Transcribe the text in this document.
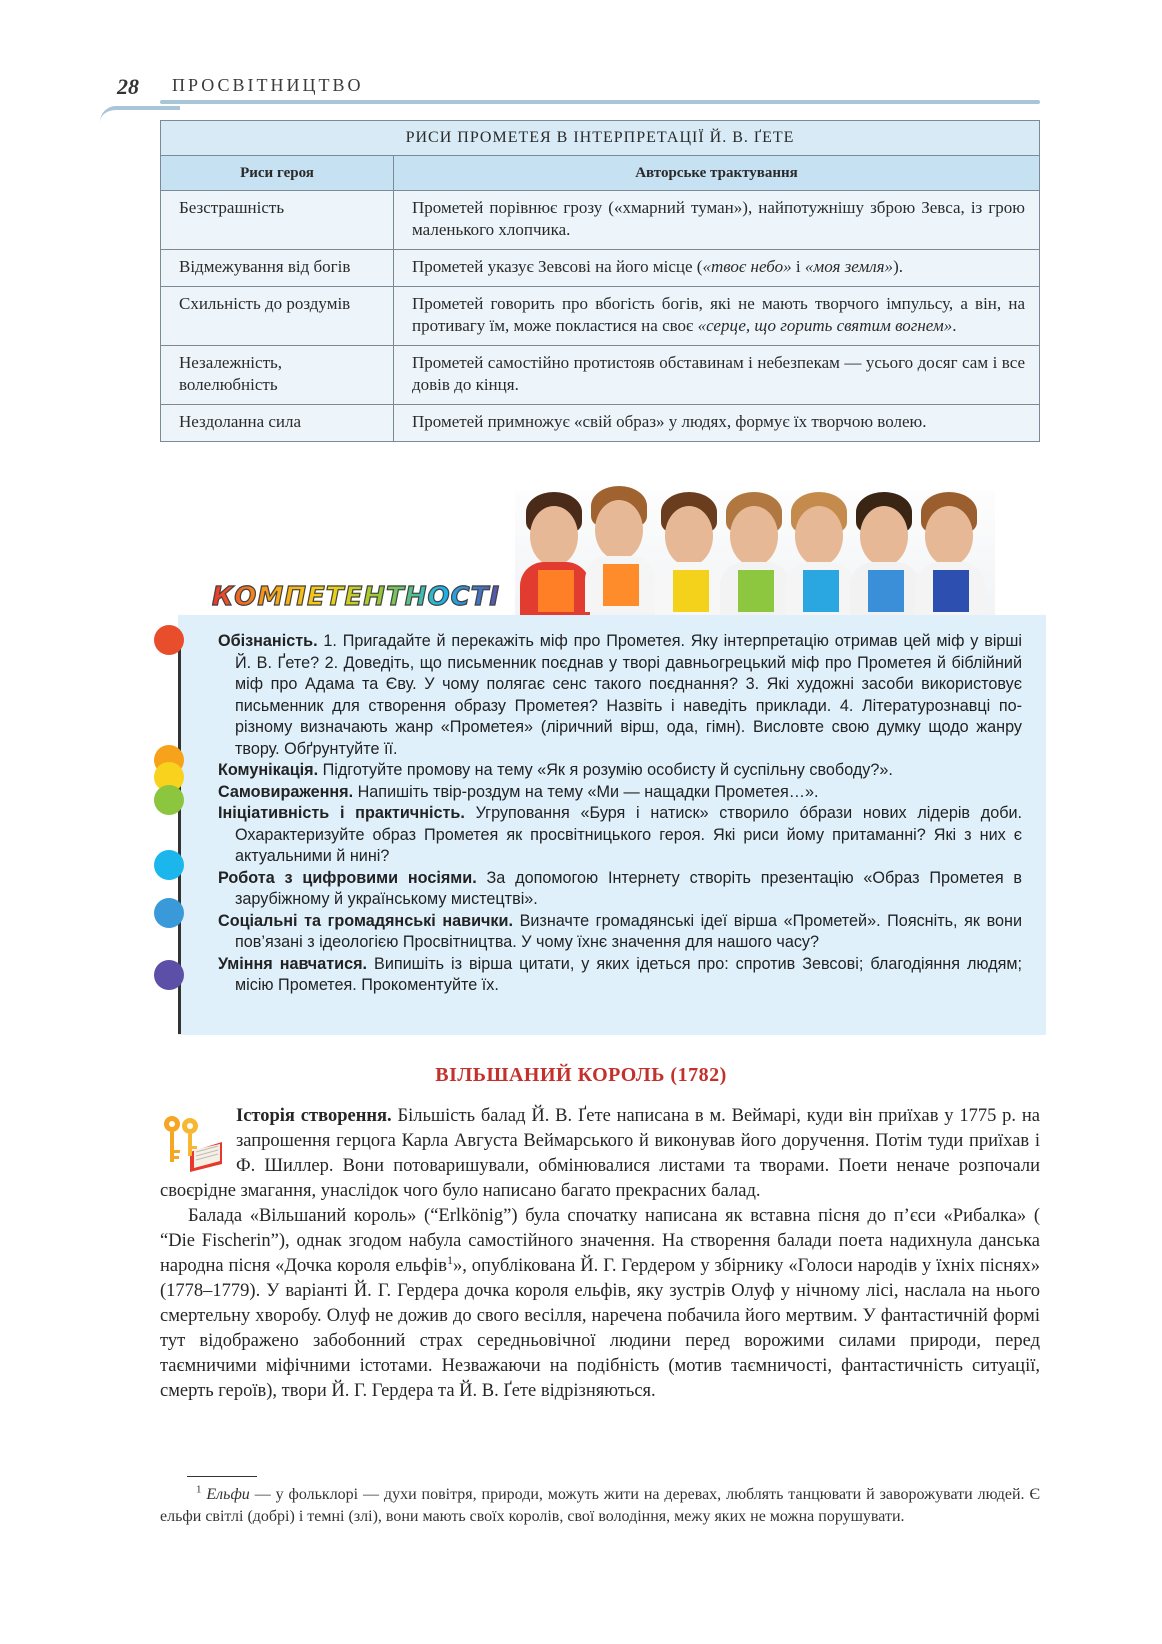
28 ПРОСВІТНИЦТВО
РИСИ ПРОМЕТЕЯ В ІНТЕРПРЕТАЦІЇ Й. В. ҐЕТЕ	
Риси героя	Авторське трактування
Безстрашність	Прометей порівнює грозу («хмарний туман»), найпотужнішу зброю Зевса, із грою маленького хлопчика.
Відмежування від богів	Прометей указує Зевсові на його місце («твоє небо» і «моя земля»).
Схильність до роздумів	Прометей говорить про вбогість богів, які не мають творчого імпульсу, а він, на противагу їм, може покластися на своє «серце, що горить святим вогнем».
Незалежність, волелюбність	Прометей самостійно протистояв обставинам і небезпекам — усього досяг сам і все довів до кінця.
Нездоланна сила	Прометей примножує «свій образ» у людях, формує їх творчою волею.
КОМПЕТЕНТНОСТІ
Обізнаність. 1. Пригадайте й перекажіть міф про Прометея. Яку інтерпретацію отримав цей міф у вірші Й. В. Ґете? 2. Доведіть, що письменник поєднав у творі давньогрецький міф про Прометея й біблійний міф про Адама та Єву. У чому полягає сенс такого поєднання? 3. Які художні засоби використовує письменник для створення образу Прометея? Назвіть і наведіть приклади. 4. Літературознавці по-різному визначають жанр «Прометея» (ліричний вірш, ода, гімн). Висловте свою думку щодо жанру твору. Обґрунтуйте її.
Комунікація. Підготуйте промову на тему «Як я розумію особисту й суспільну свободу?».
Самовираження. Напишіть твір-роздум на тему «Ми — нащадки Прометея…».
Ініціативність і практичність. Угруповання «Буря і натиск» створило óбрази нових лідерів доби. Охарактеризуйте образ Прометея як просвітницького героя. Які риси йому притаманні? Які з них є актуальними й нині?
Робота з цифровими носіями. За допомогою Інтернету створіть презентацію «Образ Прометея в зарубіжному й українському мистецтві».
Соціальні та громадянські навички. Визначте громадянські ідеї вірша «Прометей». Поясніть, як вони пов’язані з ідеологією Просвітництва. У чому їхнє значення для нашого часу?
Уміння навчатися. Випишіть із вірша цитати, у яких ідеться про: спротив Зевсові; благодіяння людям; місію Прометея. Прокоментуйте їх.
ВІЛЬШАНИЙ КОРОЛЬ (1782)

Історія створення. Більшість балад Й. В. Ґете написана в м. Веймарі, куди він приїхав у 1775 р. на запрошення герцога Карла Августа Веймарського й виконував його доручення. Потім туди приїхав і Ф. Шиллер. Вони потоваришували, обмінювалися листами та творами. Поети неначе розпочали своєрідне змагання, унаслідок чого було написано багато прекрасних балад.

Балада «Вільшаний король» (“Erlkönig”) була спочатку написана як вставна пісня до п’єси «Рибалка» ( “Die Fischerin”), однак згодом набула самостійного значення. На створення балади поета надихнула данська народна пісня «Дочка короля ельфів$^1$», опублікована Й. Г. Гердером у збірнику «Голоси народів у їхніх піснях» (1778–1779). У варіанті Й. Г. Гердера дочка короля ельфів, яку зустрів Олуф у нічному лісі, наслала на нього смертельну хворобу. Олуф не дожив до свого весілля, наречена побачила його мертвим. У фантастичній формі тут відображено забобонний страх середньовічної людини перед ворожими силами природи, перед таємничими міфічними істотами. Незважаючи на подібність (мотив таємничості, фантастичність ситуації, смерть героїв), твори Й. Г. Гердера та Й. В. Ґете відрізняються.

$^1$ Ельфи — у фольклорі — духи повітря, природи, можуть жити на деревах, люблять танцювати й заворожувати людей. Є ельфи світлі (добрі) і темні (злі), вони мають своїх королів, свої володіння, межу яких не можна порушувати.
